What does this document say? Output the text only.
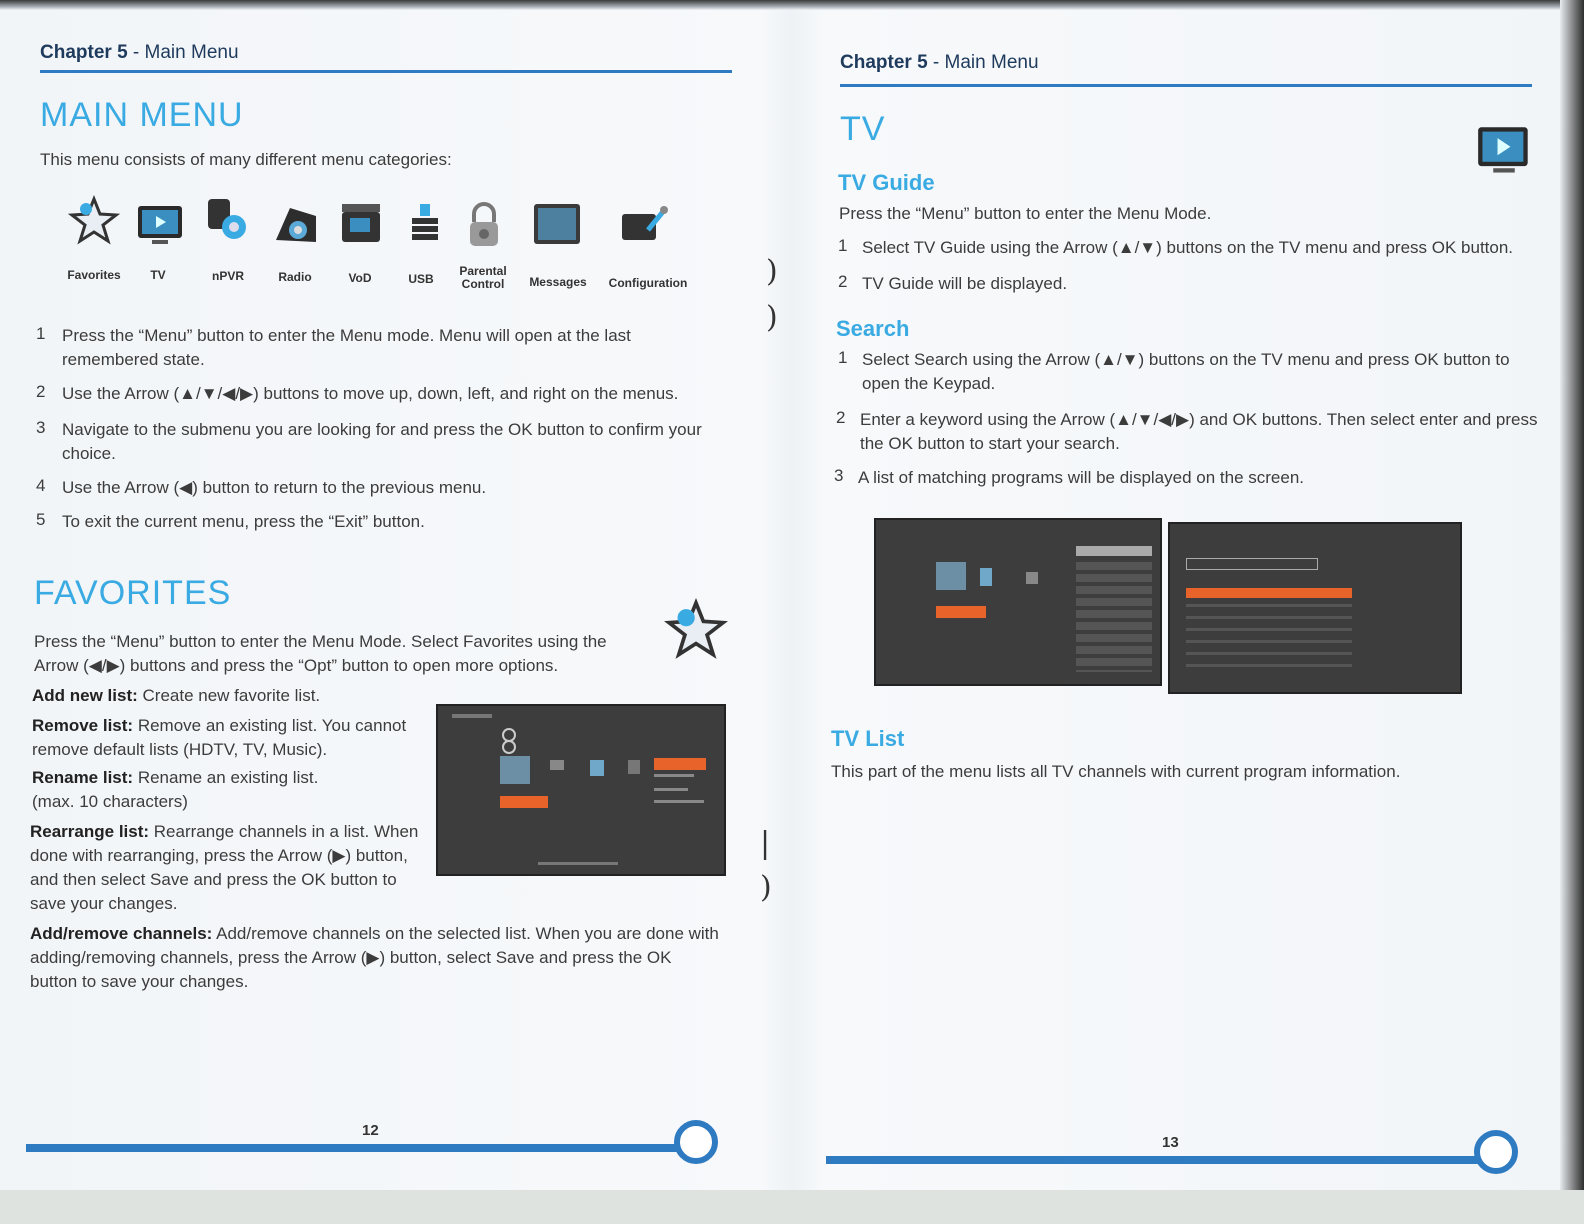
Chapter 5 - Main Menu
MAIN MENU
This menu consists of many different menu categories:
Favorites	TV	nPVR	Radio	VoD	USB
Parental Control	Messages	Configuration
1 Press the “Menu” button to enter the Menu mode. Menu will open at the last remembered state.
2 Use the Arrow (▲/▼/◀/▶) buttons to move up, down, left, and right on the menus.
3 Navigate to the submenu you are looking for and press the OK button to confirm your choice.
4 Use the Arrow (◀) button to return to the previous menu.
5 To exit the current menu, press the “Exit” button.
FAVORITES
Press the “Menu” button to enter the Menu Mode. Select Favorites using the Arrow (◀/▶) buttons and press the “Opt” button to open more options.
Add new list: Create new favorite list.
Remove list: Remove an existing list. You cannot remove default lists (HDTV, TV, Music).
Rename list: Rename an existing list. (max. 10 characters)
Rearrange list: Rearrange channels in a list. When done with rearranging, press the Arrow (▶) button, and then select Save and press the OK button to save your changes.
Add/remove channels: Add/remove channels on the selected list. When you are done with adding/removing channels, press the Arrow (▶) button, select Save and press the OK button to save your changes.
12
)
)
|
)
Chapter 5 - Main Menu
TV
TV Guide
Press the “Menu” button to enter the Menu Mode.
1 Select TV Guide using the Arrow (▲/▼) buttons on the TV menu and press OK button.
2 TV Guide will be displayed.
Search
1 Select Search using the Arrow (▲/▼) buttons on the TV menu and press OK button to open the Keypad.
2 Enter a keyword using the Arrow (▲/▼/◀/▶) and OK buttons. Then select enter and press the OK button to start your search.
3 A list of matching programs will be displayed on the screen.
TV List
This part of the menu lists all TV channels with current program information.
13
